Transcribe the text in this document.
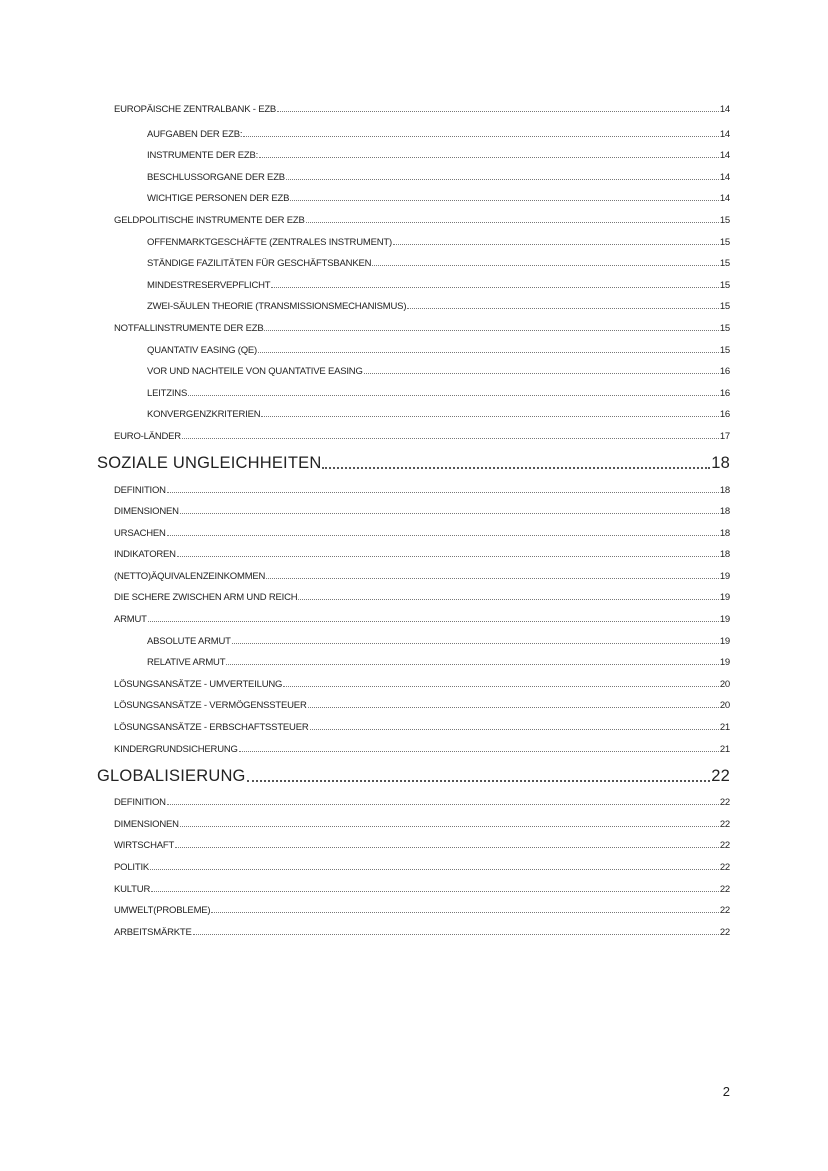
EUROPÄISCHE ZENTRALBANK - EZB	14
AUFGABEN DER EZB:	14
INSTRUMENTE DER EZB:	14
BESCHLUSSORGANE DER EZB	14
WICHTIGE PERSONEN DER EZB	14
GELDPOLITISCHE INSTRUMENTE DER EZB	15
OFFENMARKTGESCHÄFTE (ZENTRALES INSTRUMENT)	15
STÄNDIGE FAZILITÄTEN FÜR GESCHÄFTSBANKEN	15
MINDESTRESERVEPFLICHT	15
ZWEI-SÄULEN THEORIE (TRANSMISSIONSMECHANISMUS)	15
NOTFALLINSTRUMENTE DER EZB	15
QUANTATIV EASING (QE)	15
VOR UND NACHTEILE VON QUANTATIVE EASING	16
LEITZINS	16
KONVERGENZKRITERIEN	16
EURO-LÄNDER	17
SOZIALE UNGLEICHHEITEN	18
DEFINITION	18
DIMENSIONEN	18
URSACHEN	18
INDIKATOREN	18
(NETTO)ÄQUIVALENZEINKOMMEN	19
DIE SCHERE ZWISCHEN ARM UND REICH	19
ARMUT	19
ABSOLUTE ARMUT	19
RELATIVE ARMUT	19
LÖSUNGSANSÄTZE - UMVERTEILUNG	20
LÖSUNGSANSÄTZE - VERMÖGENSSTEUER	20
LÖSUNGSANSÄTZE - ERBSCHAFTSSTEUER	21
KINDERGRUNDSICHERUNG	21
GLOBALISIERUNG	22
DEFINITION	22
DIMENSIONEN	22
WIRTSCHAFT	22
POLITIK	22
KULTUR	22
UMWELT(PROBLEME)	22
ARBEITSMÄRKTE	22
2
